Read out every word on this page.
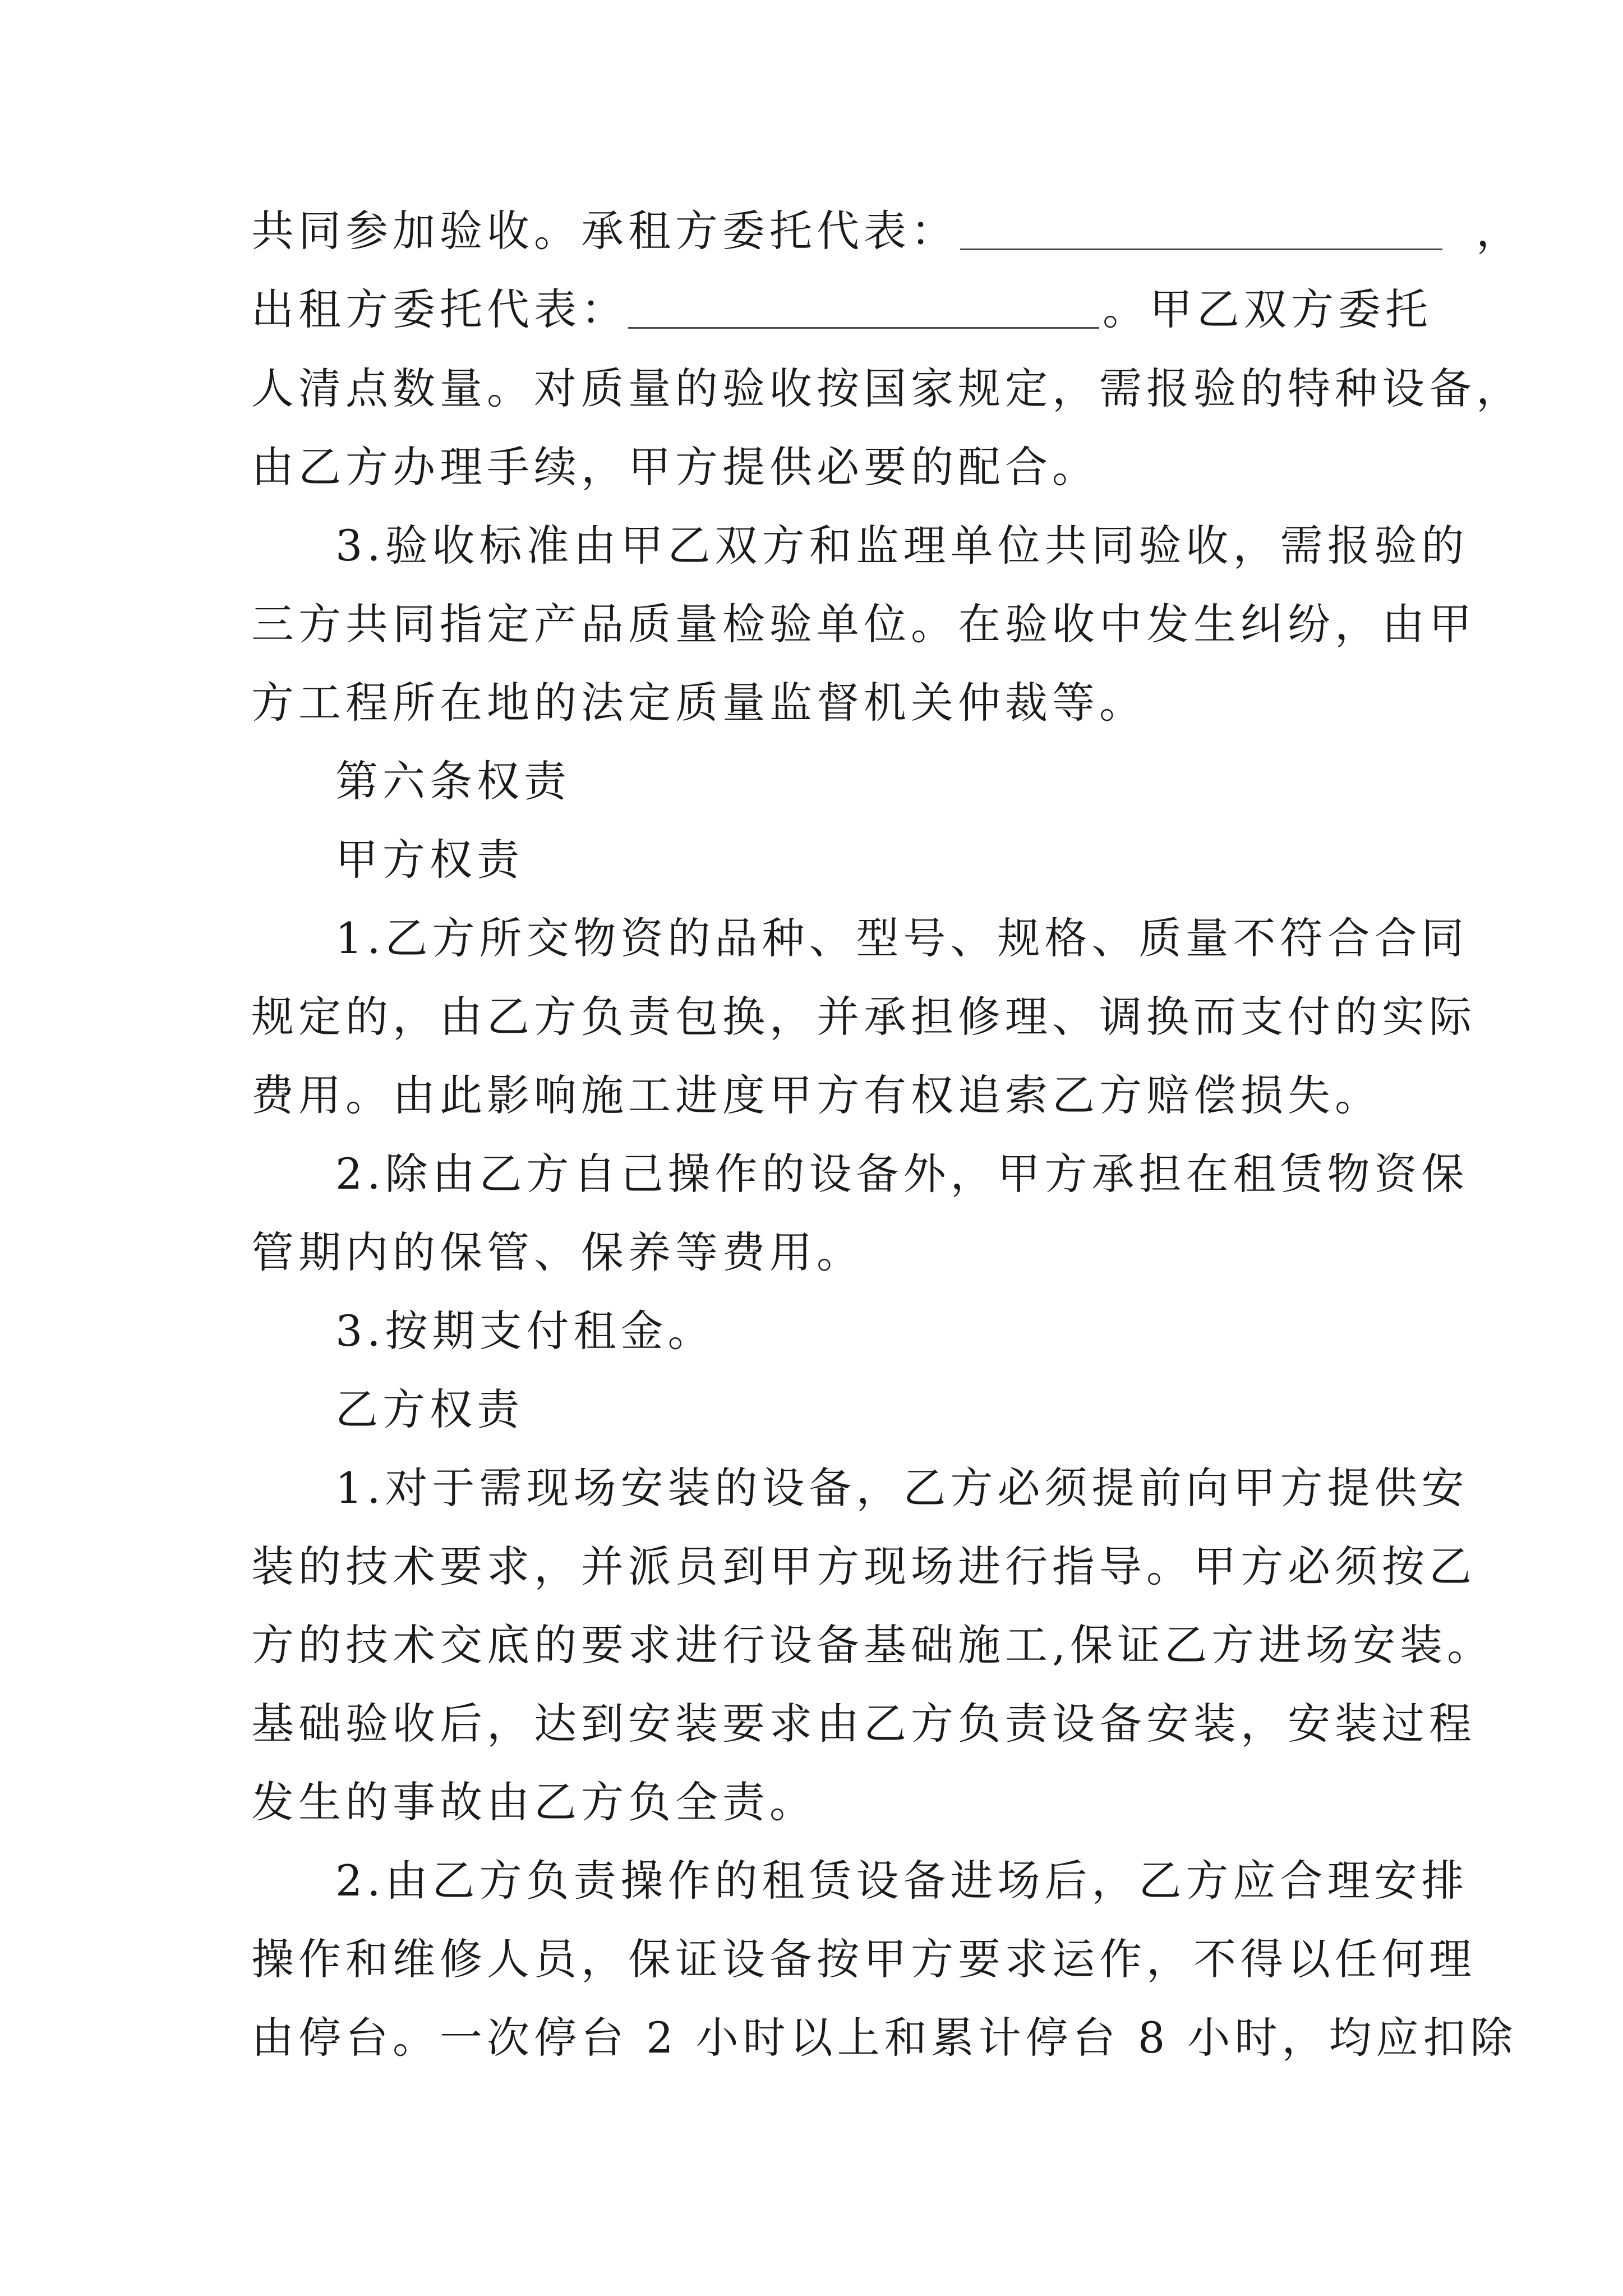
共同参加验收。承租方委托代表：	，
出租方委托代表：	。甲乙双方委托
人清点数量。对质量的验收按国家规定，需报验的特种设备，
由乙方办理手续，甲方提供必要的配合。
3.验收标准由甲乙双方和监理单位共同验收，需报验的
三方共同指定产品质量检验单位。在验收中发生纠纷，由甲
方工程所在地的法定质量监督机关仲裁等。
第六条权责
甲方权责
1.乙方所交物资的品种、型号、规格、质量不符合合同
规定的，由乙方负责包换，并承担修理、调换而支付的实际
费用。由此影响施工进度甲方有权追索乙方赔偿损失。
2.除由乙方自己操作的设备外，甲方承担在租赁物资保
管期内的保管、保养等费用。
3.按期支付租金。
乙方权责
1.对于需现场安装的设备，乙方必须提前向甲方提供安
装的技术要求，并派员到甲方现场进行指导。甲方必须按乙
方的技术交底的要求进行设备基础施工,保证乙方进场安装。
基础验收后，达到安装要求由乙方负责设备安装，安装过程
发生的事故由乙方负全责。
2.由乙方负责操作的租赁设备进场后，乙方应合理安排
操作和维修人员，保证设备按甲方要求运作，不得以任何理
由停台。一次停台 2 小时以上和累计停台 8 小时，均应扣除
